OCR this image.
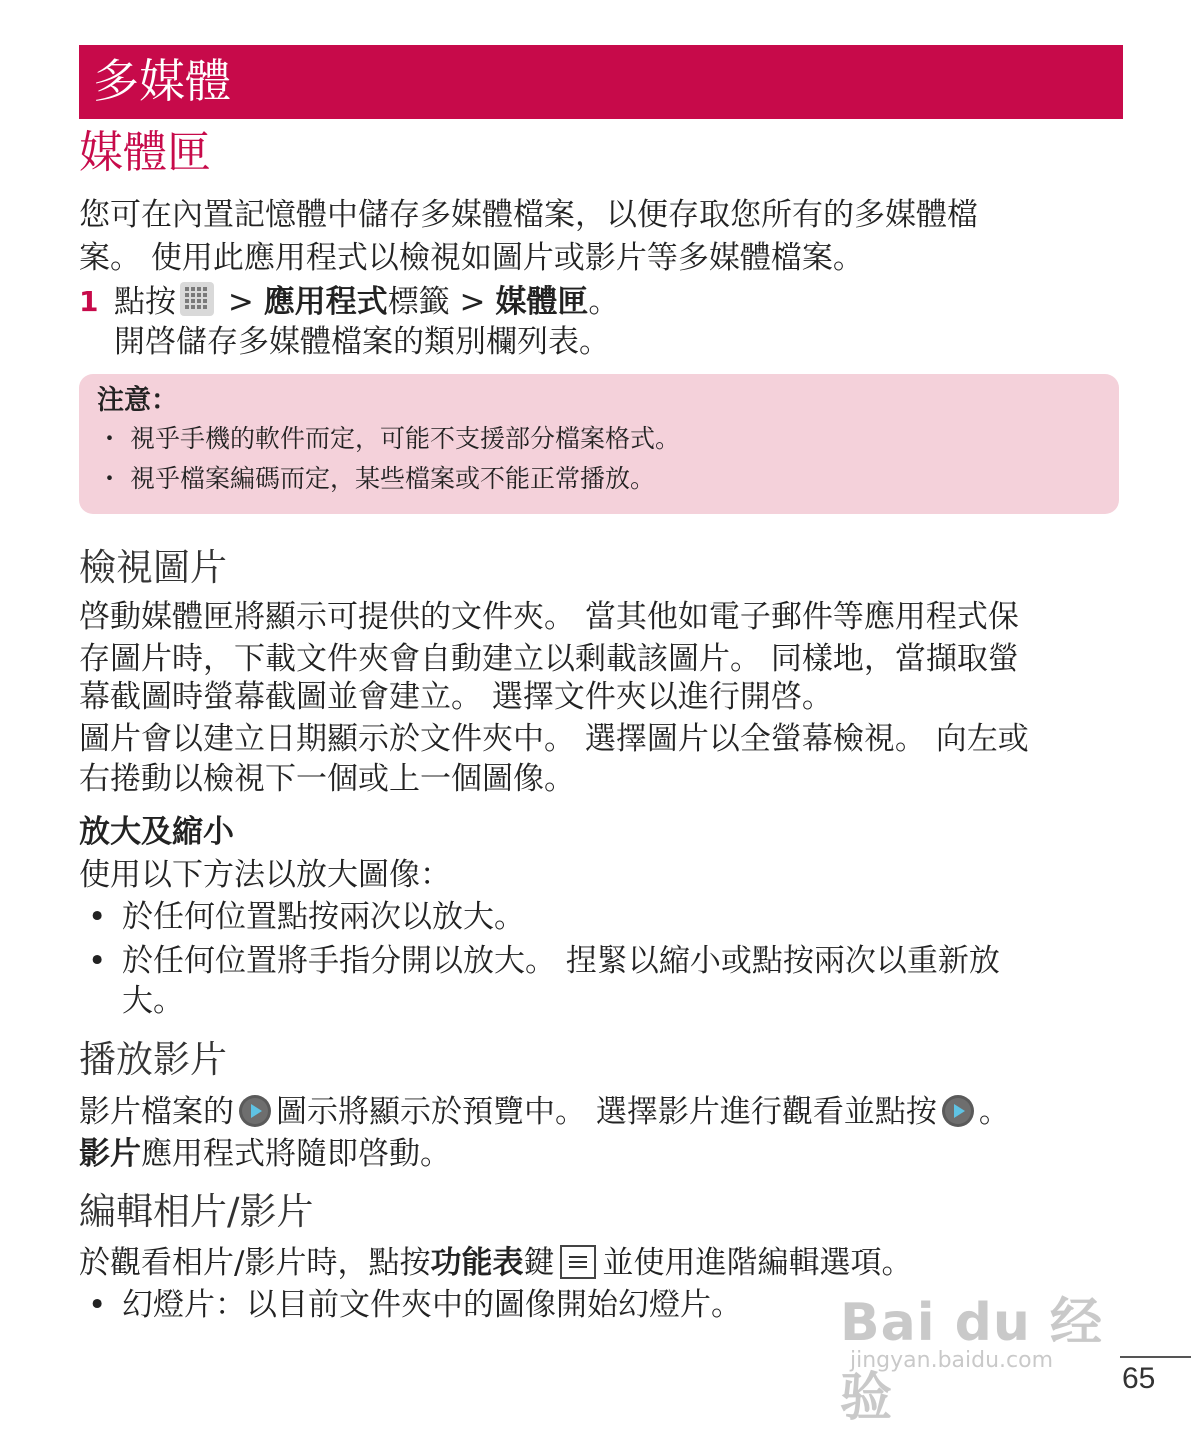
多媒體
媒體匣
您可在內置記憶體中儲存多媒體檔案，以便存取您所有的多媒體檔
案。 使用此應用程式以檢視如圖片或影片等多媒體檔案。
1 點按
> 應用程式標籤 > 媒體匣。
開啓儲存多媒體檔案的類別欄列表。
注意：
・ 視乎手機的軟件而定，可能不支援部分檔案格式。
・ 視乎檔案編碼而定，某些檔案或不能正常播放。
檢視圖片
啓動媒體匣將顯示可提供的文件夾。 當其他如電子郵件等應用程式保
存圖片時，下載文件夾會自動建立以剩載該圖片。 同樣地，當擷取螢
幕截圖時螢幕截圖並會建立。 選擇文件夾以進行開啓。
圖片會以建立日期顯示於文件夾中。 選擇圖片以全螢幕檢視。 向左或
右捲動以檢視下一個或上一個圖像。
放大及縮小
使用以下方法以放大圖像：
• 於任何位置點按兩次以放大。
• 於任何位置將手指分開以放大。 捏緊以縮小或點按兩次以重新放
大。
播放影片
影片檔案的 圖示將顯示於預覽中。 選擇影片進行觀看並點按 。
影片應用程式將隨即啓動。
編輯相片/影片
於觀看相片/影片時，點按功能表鍵 並使用進階編輯選項。
• 幻燈片：以目前文件夾中的圖像開始幻燈片。	Bai du 经验
jingyan.baidu.com
65
